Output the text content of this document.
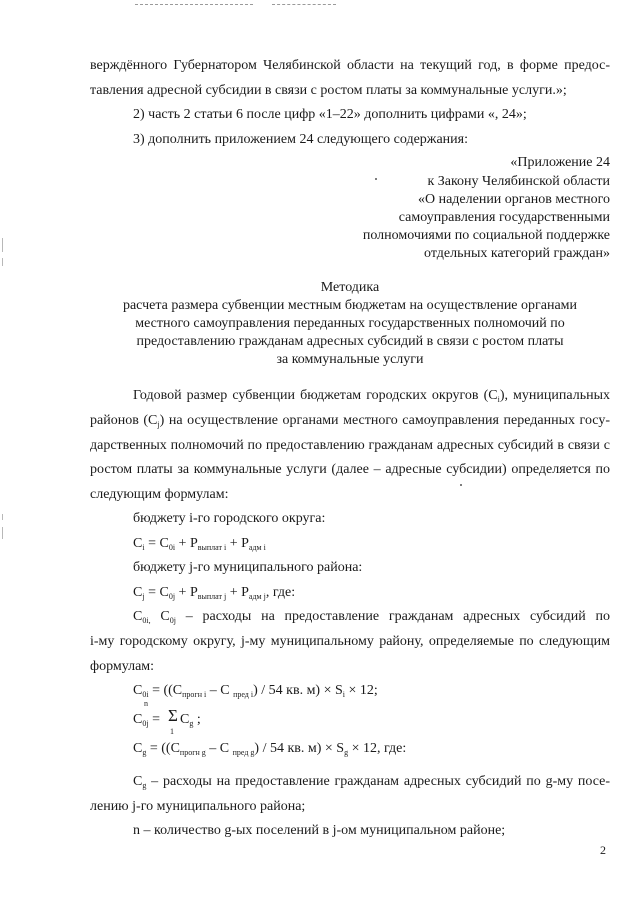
верждённого Губернатором Челябинской области на текущий год, в форме предос-

тавления адресной субсидии в связи с ростом платы за коммунальные услуги.»;

2) часть 2 статьи 6 после цифр «1–22» дополнить цифрами «, 24»;

3) дополнить приложением 24 следующего содержания:

«Приложение 24

к Закону Челябинской области

«О наделении органов местного

самоуправления государственными

полномочиями по социальной поддержке

отдельных категорий граждан»

Методика

расчета размера субвенции местным бюджетам на осуществление органами

местного самоуправления переданных государственных полномочий по

предоставлению гражданам адресных субсидий в связи с ростом платы

за коммунальные услуги

Годовой размер субвенции бюджетам городских округов $(C_i)$, муниципальных

районов $(C_j)$ на осуществление органами местного самоуправления переданных госу-

дарственных полномочий по предоставлению гражданам адресных субсидий в связи с

ростом платы за коммунальные услуги (далее – адресные субсидии) определяется по

следующим формулам:

бюджету i-го городского округа:

$C_i = C_{0i} + P_{выплат i} + P_{адм i}$

бюджету j-го муниципального района:

$C_j = C_{0j} + P_{выплат j} + P_{адм j}$, где:

$C_{0i,}$ $C_{0j}$ – расходы на предоставление гражданам адресных субсидий по

i-му городскому округу, j-му муниципальному району, определяемые по следующим

формулам:

$C_{0i} = ((C_{прогн i} - C$ $_{пред i}$) / 54 кв. $м) \times S_i \times 12$;

n
$C_{0j} = \Sigma$
1
$C_g$ ;

$C_g = ((C_{прогн g} - C$ $_{пред g}$) / 54 кв. $м) \times S_g \times 12$, где:

$C_g$ – расходы на предоставление гражданам адресных субсидий по g-му посе-

лению j-го муниципального района;

n – количество g-ых поселений в j-ом муниципальном районе;

2
